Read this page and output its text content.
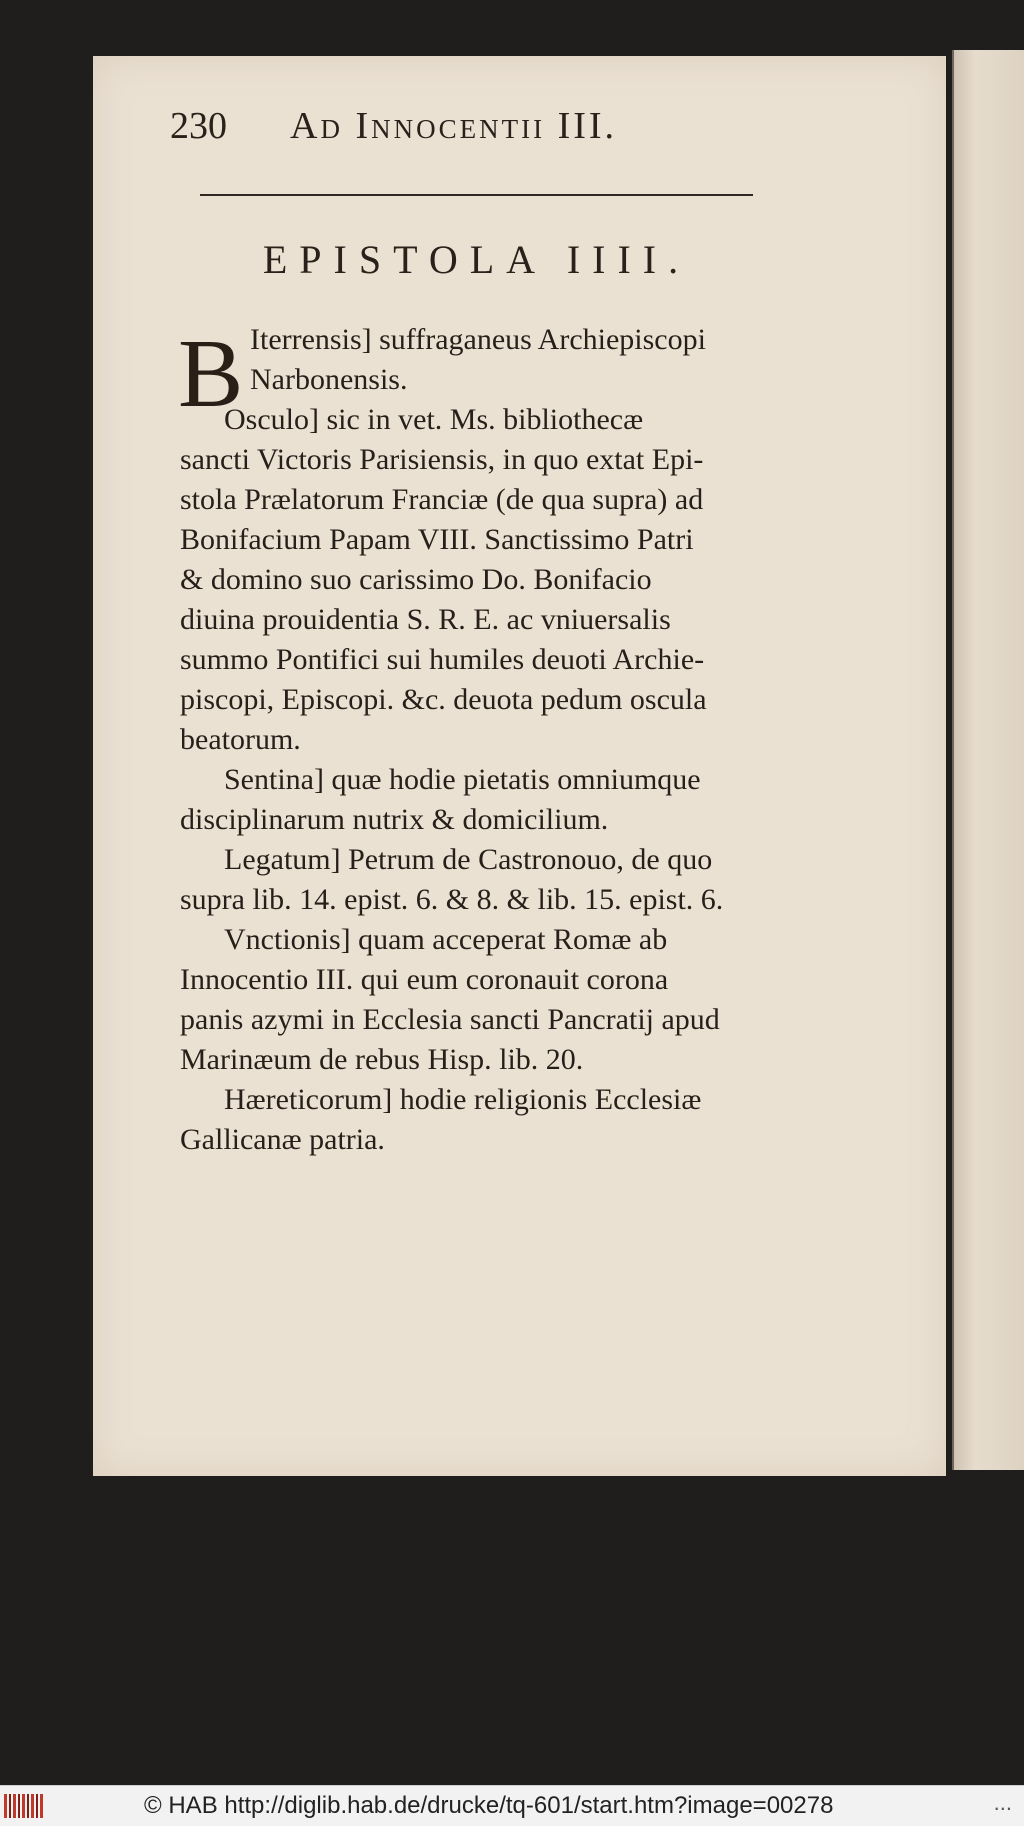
230 Ad Innocentii III.
EPISTOLA IIII.
B Iterrensis] suffraganeus Archiepiscopi
Narbonensis.
Osculo] sic in vet. Ms. bibliothecæ
sancti Victoris Parisiensis, in quo extat Epi-
stola Prælatorum Franciæ (de qua supra) ad
Bonifacium Papam VIII. Sanctissimo Patri
& domino suo carissimo Do. Bonifacio
diuina prouidentia S. R. E. ac vniuersalis
summo Pontifici sui humiles deuoti Archie-
piscopi, Episcopi. &c. deuota pedum oscula
beatorum.
Sentina] quæ hodie pietatis omniumque
disciplinarum nutrix & domicilium.
Legatum] Petrum de Castronouo, de quo
supra lib. 14. epist. 6. & 8. & lib. 15. epist. 6.
Vnctionis] quam acceperat Romæ ab
Innocentio III. qui eum coronauit corona
panis azymi in Ecclesia sancti Pancratij apud
Marinæum de rebus Hisp. lib. 20.
Hæreticorum] hodie religionis Ecclesiæ
Gallicanæ patria.
© HAB http://diglib.hab.de/drucke/tq-601/start.htm?image=00278	...
